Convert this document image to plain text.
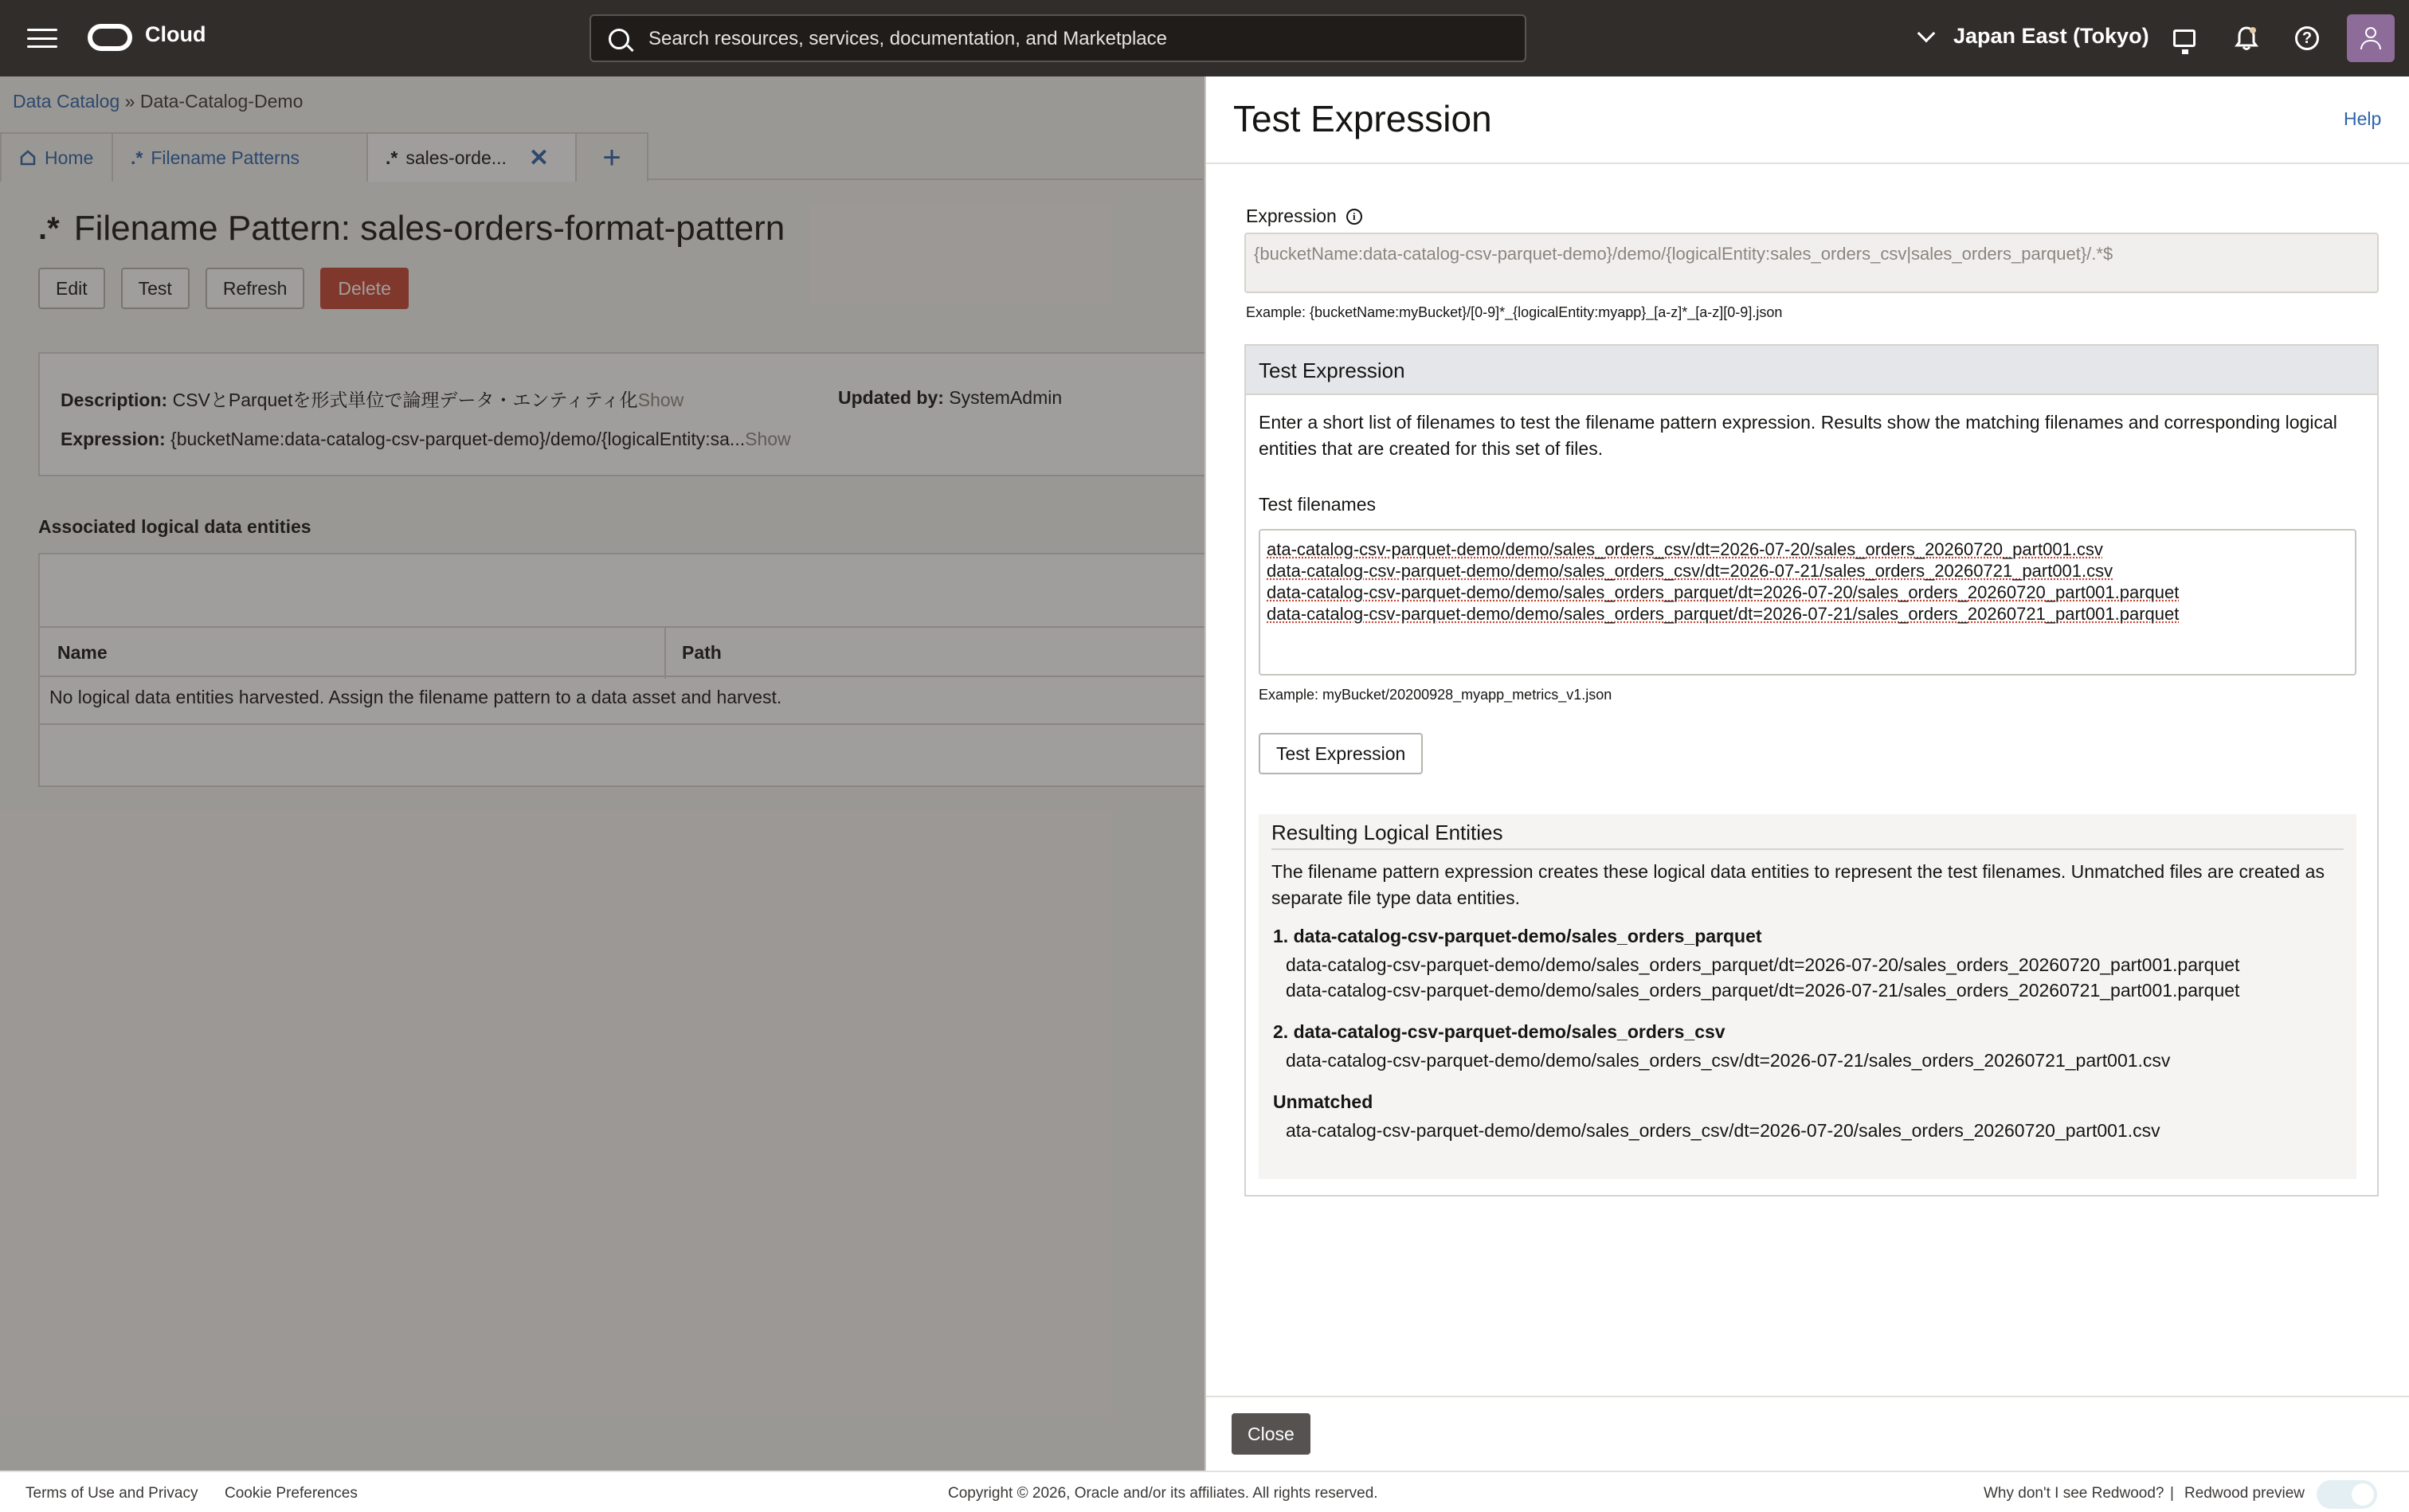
Cloud
Search resources, services, documentation, and Marketplace	Japan East (Tokyo)	?
Data Catalog » Data-Catalog-Demo
Home .* Filename Patterns	.* sales-orde... ✕	+
.* Filename Pattern: sales-orders-format-pattern
Edit	Test	Refresh	Delete
Description: CSVとParquetを形式単位で論理データ・エンティティ化Show
Expression: {bucketName:data-catalog-csv-parquet-demo}/demo/{logicalEntity:sa...Show
Updated by: SystemAdmin
Associated logical data entities
Name	Path
No logical data entities harvested. Assign the filename pattern to a data asset and harvest.
Test Expression	Help
Expression	i
{bucketName:data-catalog-csv-parquet-demo}/demo/{logicalEntity:sales_orders_csv|sales_orders_parquet}/.*$
Example: {bucketName:myBucket}/[0-9]*_{logicalEntity:myapp}_[a-z]*_[a-z][0-9].json
Test Expression
Enter a short list of filenames to test the filename pattern expression. Results show the matching filenames and corresponding logical entities that are created for this set of files.
Test filenames
ata-catalog-csv-parquet-demo/demo/sales_orders_csv/dt=2026-07-20/sales_orders_20260720_part001.csv
data-catalog-csv-parquet-demo/demo/sales_orders_csv/dt=2026-07-21/sales_orders_20260721_part001.csv
data-catalog-csv-parquet-demo/demo/sales_orders_parquet/dt=2026-07-20/sales_orders_20260720_part001.parquet
data-catalog-csv-parquet-demo/demo/sales_orders_parquet/dt=2026-07-21/sales_orders_20260721_part001.parquet
Example: myBucket/20200928_myapp_metrics_v1.json
Test Expression
Resulting Logical Entities
The filename pattern expression creates these logical data entities to represent the test filenames. Unmatched files are created as separate file type data entities.
1. data-catalog-csv-parquet-demo/sales_orders_parquet
data-catalog-csv-parquet-demo/demo/sales_orders_parquet/dt=2026-07-20/sales_orders_20260720_part001.parquet
data-catalog-csv-parquet-demo/demo/sales_orders_parquet/dt=2026-07-21/sales_orders_20260721_part001.parquet
2. data-catalog-csv-parquet-demo/sales_orders_csv
data-catalog-csv-parquet-demo/demo/sales_orders_csv/dt=2026-07-21/sales_orders_20260721_part001.csv
Unmatched
ata-catalog-csv-parquet-demo/demo/sales_orders_csv/dt=2026-07-20/sales_orders_20260720_part001.csv
Close
Terms of Use and Privacy Cookie Preferences	Copyright © 2026, Oracle and/or its affiliates. All rights reserved.	Why don't I see Redwood? | Redwood preview
